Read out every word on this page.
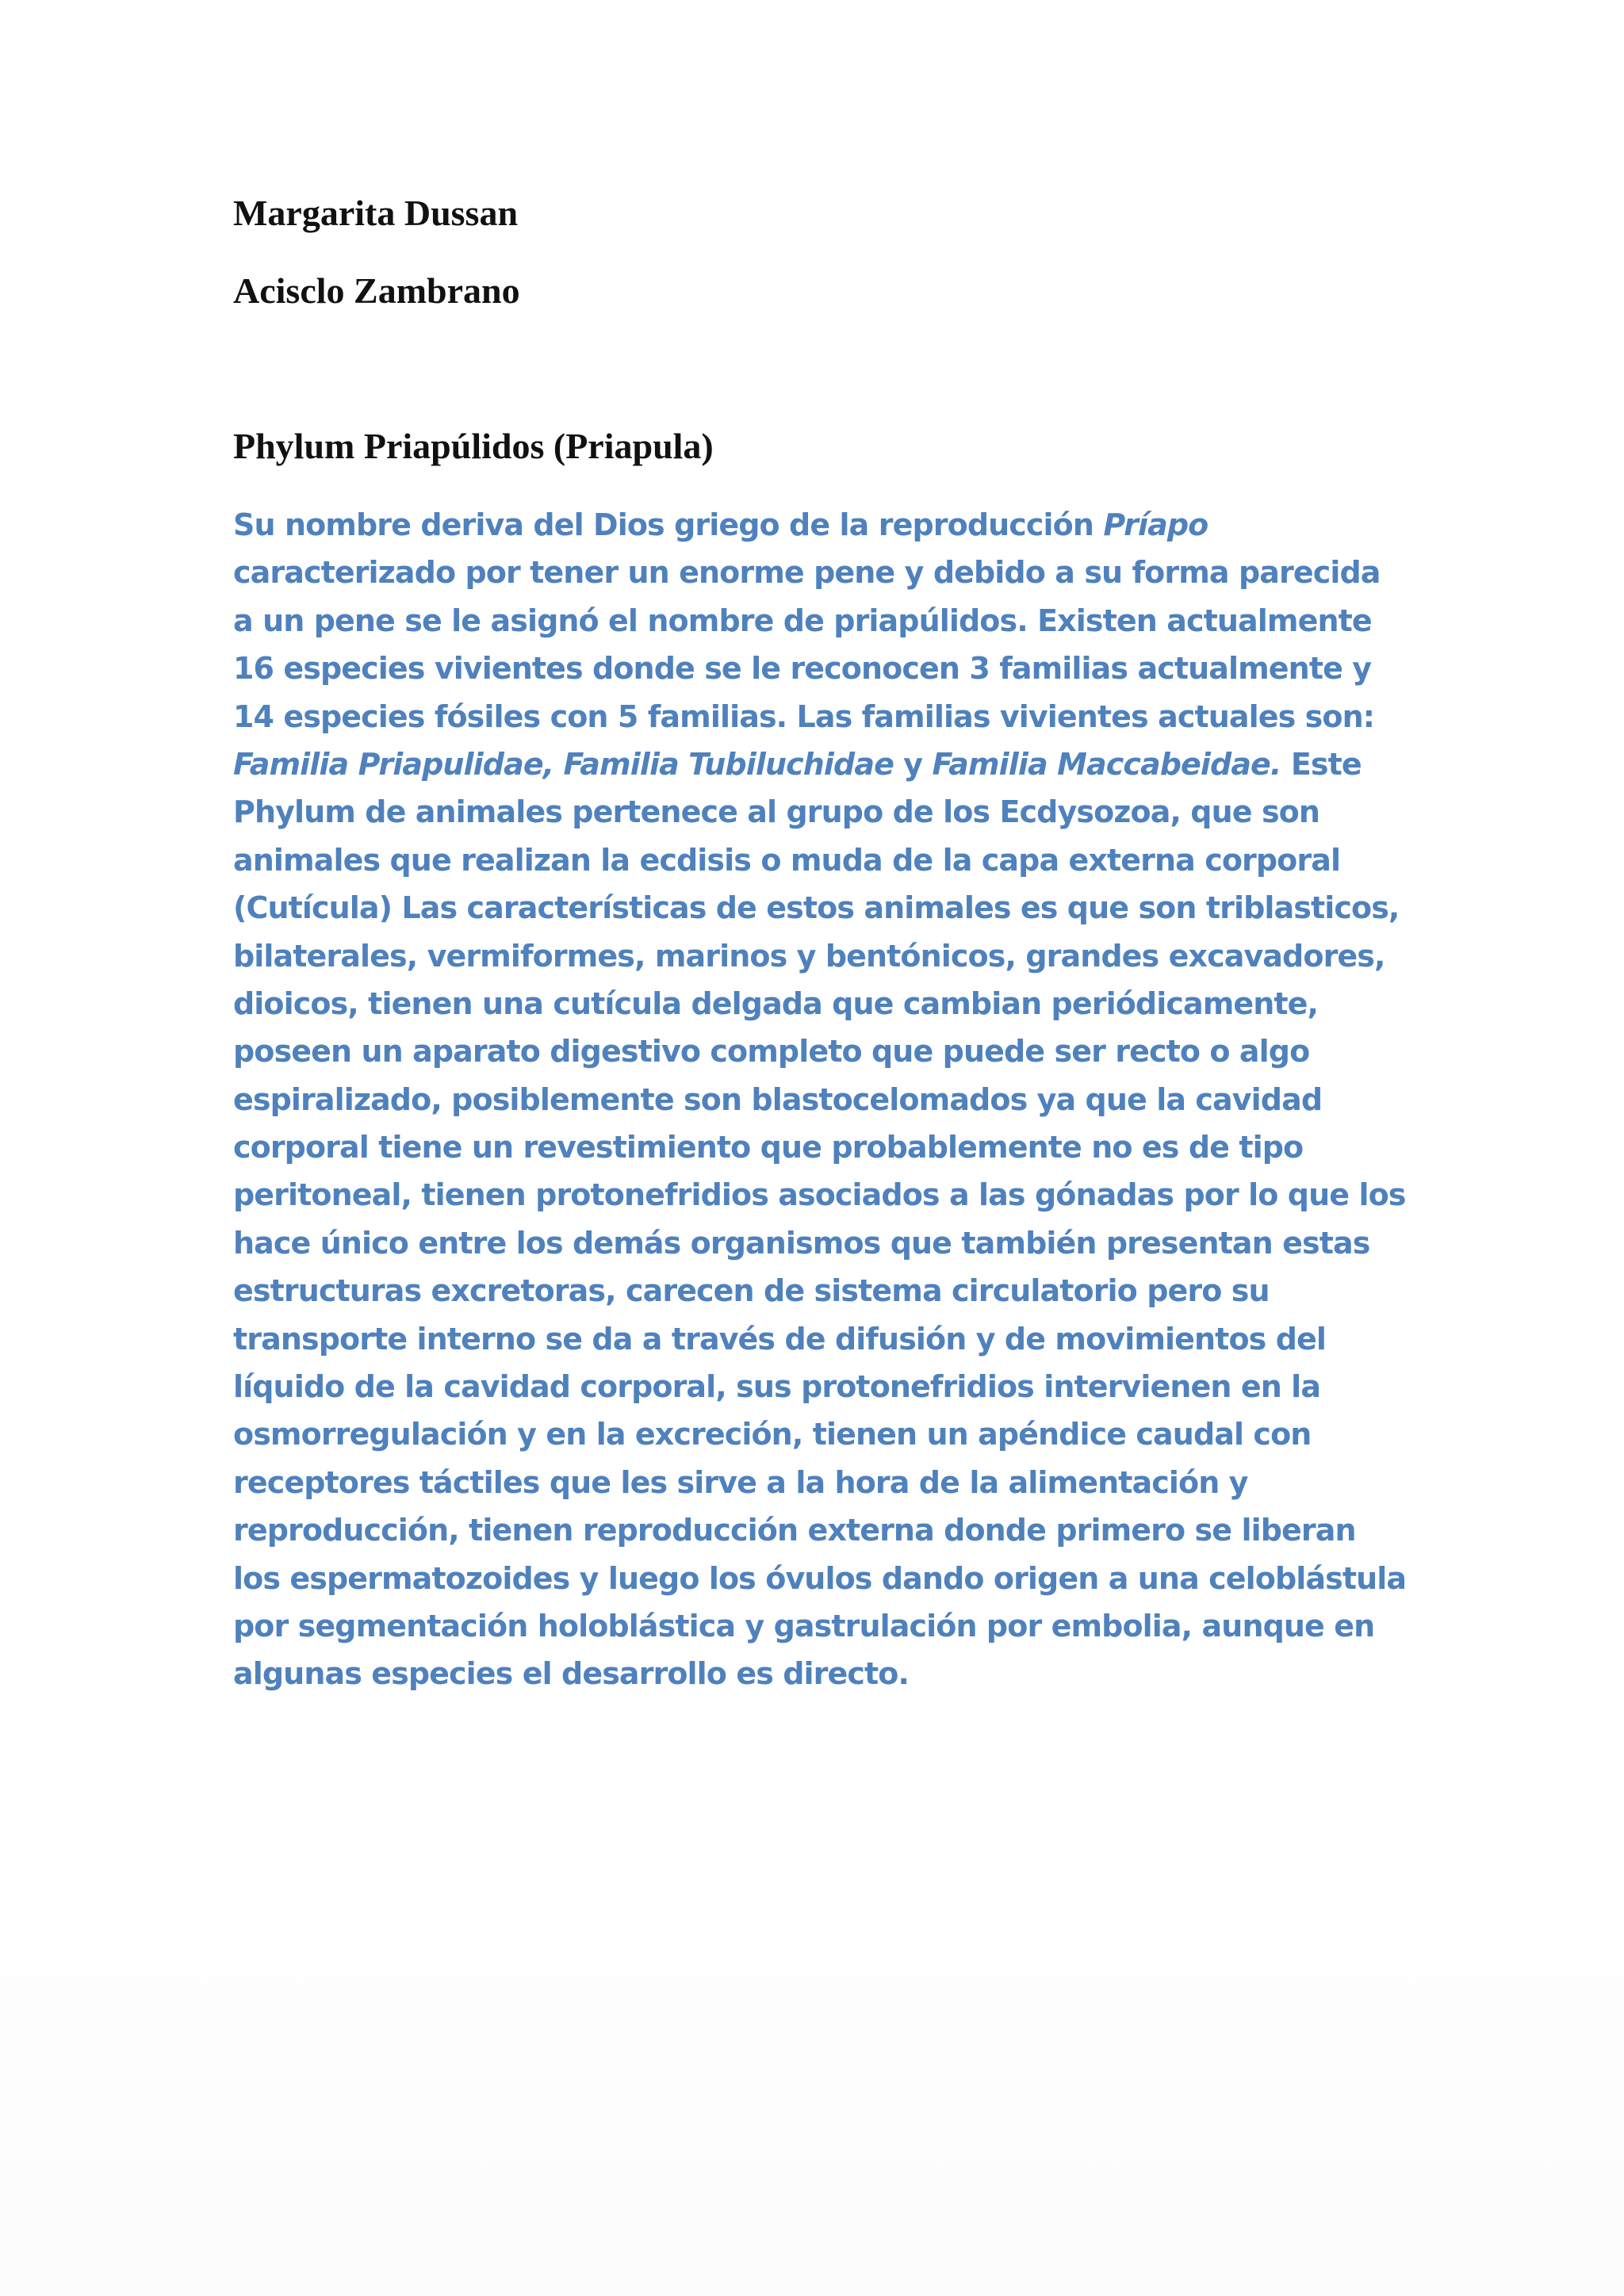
Margarita Dussan
Acisclo Zambrano
Phylum Priapúlidos (Priapula)

Su nombre deriva del Dios griego de la reproducción Príapo
caracterizado por tener un enorme pene y debido a su forma parecida
a un pene se le asignó el nombre de priapúlidos. Existen actualmente
16 especies vivientes donde se le reconocen 3 familias actualmente y
14 especies fósiles con 5 familias. Las familias vivientes actuales son:
Familia Priapulidae, Familia Tubiluchidae y Familia Maccabeidae. Este
Phylum de animales pertenece al grupo de los Ecdysozoa, que son
animales que realizan la ecdisis o muda de la capa externa corporal
(Cutícula) Las características de estos animales es que son triblasticos,
bilaterales, vermiformes, marinos y bentónicos, grandes excavadores,
dioicos, tienen una cutícula delgada que cambian periódicamente,
poseen un aparato digestivo completo que puede ser recto o algo
espiralizado, posiblemente son blastocelomados ya que la cavidad
corporal tiene un revestimiento que probablemente no es de tipo
peritoneal, tienen protonefridios asociados a las gónadas por lo que los
hace único entre los demás organismos que también presentan estas
estructuras excretoras, carecen de sistema circulatorio pero su
transporte interno se da a través de difusión y de movimientos del
líquido de la cavidad corporal, sus protonefridios intervienen en la
osmorregulación y en la excreción, tienen un apéndice caudal con
receptores táctiles que les sirve a la hora de la alimentación y
reproducción, tienen reproducción externa donde primero se liberan
los espermatozoides y luego los óvulos dando origen a una celoblástula
por segmentación holoblástica y gastrulación por embolia, aunque en
algunas especies el desarrollo es directo.
